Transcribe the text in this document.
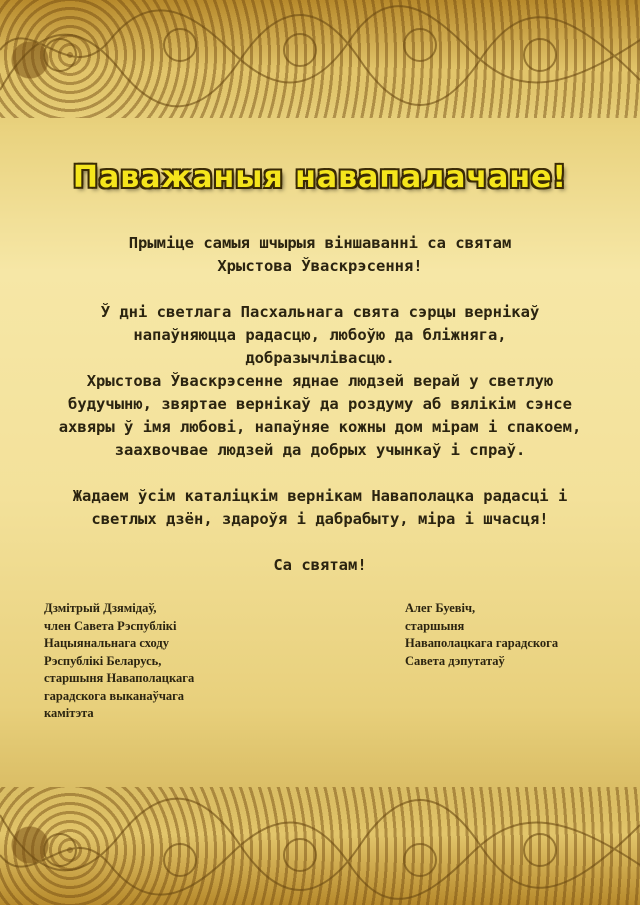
Паважаныя навапалачане!

Прыміце самыя шчырыя віншаванні са святам

Хрыстова Ўваскрэсення!

Ў дні светлага Пасхальнага свята сэрцы вернікаў

напаўняюцца радасцю, любоўю да бліжняга,

добразычлівасцю.

Хрыстова Ўваскрэсенне яднае людзей верай у светлую

будучыню, звяртае вернікаў да роздуму аб вялікім сэнсе

ахвяры ў імя любові, напаўняе кожны дом мірам і спакоем,

заахвочвае людзей да добрых учынкаў і спраў.

Жадаем ўсім каталіцкім вернікам Наваполацка радасці і

светлых дзён, здароўя і дабрабыту, міра і шчасця!

Са святам!

Дзмітрый Дзямідаў,
член Савета Рэспублікі
Нацыянальнага сходу
Рэспублікі Беларусь,
старшыня Наваполацкага
гарадскога выканаўчага
камітэта
Алег Буевіч,
старшыня
Наваполацкага гарадскога
Савета дэпутатаў
